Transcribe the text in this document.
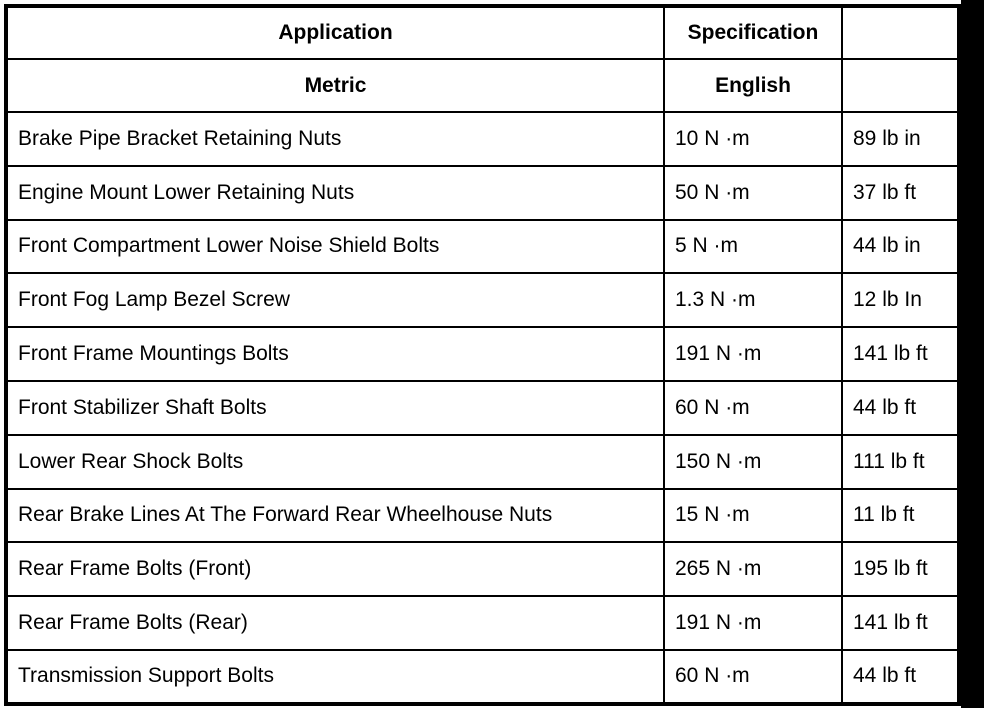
Application	Specification	
Metric	English	
Brake Pipe Bracket Retaining Nuts	10 N ·m	89 lb in
Engine Mount Lower Retaining Nuts	50 N ·m	37 lb ft
Front Compartment Lower Noise Shield Bolts	5 N ·m	44 lb in
Front Fog Lamp Bezel Screw	1.3 N ·m	12 lb In
Front Frame Mountings Bolts	191 N ·m	141 lb ft
Front Stabilizer Shaft Bolts	60 N ·m	44 lb ft
Lower Rear Shock Bolts	150 N ·m	111 lb ft
Rear Brake Lines At The Forward Rear Wheelhouse Nuts	15 N ·m	11 lb ft
Rear Frame Bolts (Front)	265 N ·m	195 lb ft
Rear Frame Bolts (Rear)	191 N ·m	141 lb ft
Transmission Support Bolts	60 N ·m	44 lb ft
